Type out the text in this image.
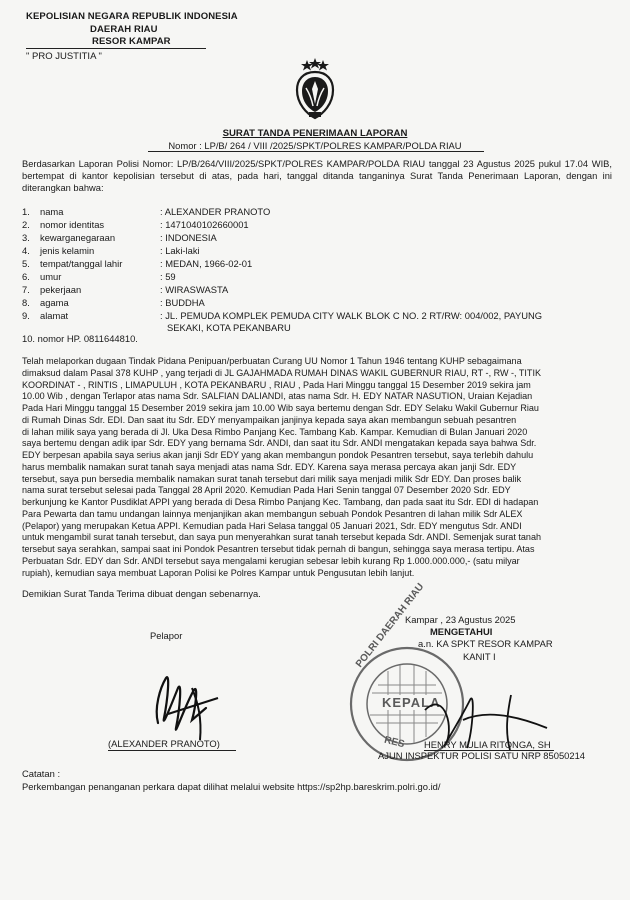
KEPOLISIAN NEGARA REPUBLIK INDONESIA
DAERAH RIAU
RESOR KAMPAR
" PRO JUSTITIA "
SURAT TANDA PENERIMAAN LAPORAN
Nomor : LP/B/ 264 / VIII /2025/SPKT/POLRES KAMPAR/POLDA RIAU
Berdasarkan Laporan Polisi Nomor: LP/B/264/VIII/2025/SPKT/POLRES KAMPAR/POLDA RIAU tanggal 23 Agustus 2025 pukul 17.04 WIB, bertempat di kantor kepolisian tersebut di atas, pada hari, tanggal ditanda tanganinya Surat Tanda Penerimaan Laporan, dengan ini diterangkan bahwa:
1. nama	: ALEXANDER PRANOTO
2. nomor identitas	: 1471040102660001
3. kewarganegaraan	: INDONESIA
4. jenis kelamin	: Laki-laki
5. tempat/tanggal lahir	: MEDAN, 1966-02-01
6. umur	: 59
7. pekerjaan	: WIRASWASTA
8. agama	: BUDDHA
9. alamat	: JL. PEMUDA KOMPLEK PEMUDA CITY WALK BLOK C NO. 2 RT/RW: 004/002, PAYUNG
SEKAKI, KOTA PEKANBARU
10. nomor HP. 0811644810.
Telah melaporkan dugaan Tindak Pidana Penipuan/perbuatan Curang UU Nomor 1 Tahun 1946 tentang KUHP sebagaimana
dimaksud dalam Pasal 378 KUHP , yang terjadi di JL GAJAHMADA RUMAH DINAS WAKIL GUBERNUR RIAU, RT -, RW -, TITIK
KOORDINAT - , RINTIS , LIMAPULUH , KOTA PEKANBARU , RIAU , Pada Hari Minggu tanggal 15 Desember 2019 sekira jam
10.00 Wib , dengan Terlapor atas nama Sdr. SALFIAN DALIANDI, atas nama Sdr. H. EDY NATAR NASUTION, Uraian Kejadian
Pada Hari Minggu tanggal 15 Desember 2019 sekira jam 10.00 Wib saya bertemu dengan Sdr. EDY Selaku Wakil Gubernur Riau
di Rumah Dinas Sdr. EDI. Dan saat itu Sdr. EDY menyampaikan janjinya kepada saya akan membangun sebuah pesantren
di lahan milik saya yang berada di Jl. Uka Desa Rimbo Panjang Kec. Tambang Kab. Kampar. Kemudian di Bulan Januari 2020
saya bertemu dengan adik ipar Sdr. EDY yang bernama Sdr. ANDI, dan saat itu Sdr. ANDI mengatakan kepada saya bahwa Sdr.
EDY berpesan apabila saya serius akan janji Sdr EDY yang akan membangun pondok Pesantren tersebut, saya terlebih dahulu
harus membalik namakan surat tanah saya menjadi atas nama Sdr. EDY. Karena saya merasa percaya akan janji Sdr. EDY
tersebut, saya pun bersedia membalik namakan surat tanah tersebut dari milik saya menjadi milik Sdr EDY. Dan proses balik
nama surat tersebut selesai pada Tanggal 28 April 2020. Kemudian Pada Hari Senin tanggal 07 Desember 2020 Sdr. EDY
berkunjung ke Kantor Pusdiklat APPI yang berada di Desa Rimbo Panjang Kec. Tambang, dan pada saat itu Sdr. EDI di hadapan
Para Pewarta dan tamu undangan lainnya menjanjikan akan membangun sebuah Pondok Pesantren di lahan milik Sdr ALEX
(Pelapor) yang merupakan Ketua APPI. Kemudian pada Hari Selasa tanggal 05 Januari 2021, Sdr. EDY mengutus Sdr. ANDI
untuk mengambil surat tanah tersebut, dan saya pun menyerahkan surat tanah tersebut kepada Sdr. ANDI. Semenjak surat tanah
tersebut saya serahkan, sampai saat ini Pondok Pesantren tersebut tidak pernah di bangun, sehingga saya merasa tertipu. Atas
Perbuatan Sdr. EDY dan Sdr. ANDI tersebut saya mengalami kerugian sebesar lebih kurang Rp 1.000.000.000,- (satu milyar
rupiah), kemudian saya membuat Laporan Polisi ke Polres Kampar untuk Pengusutan lebih lanjut.
Demikian Surat Tanda Terima dibuat dengan sebenarnya.
Kampar , 23 Agustus 2025
MENGETAHUI
a.n. KA SPKT RESOR KAMPAR
KANIT I
Pelapor
(ALEXANDER PRANOTO)
POLRI DAERAH RIAU
KEPALA
RES HENRY MULIA RITONGA, SH
AJUN INSPEKTUR POLISI SATU NRP 85050214
Catatan :
Perkembangan penanganan perkara dapat dilihat melalui website https://sp2hp.bareskrim.polri.go.id/
